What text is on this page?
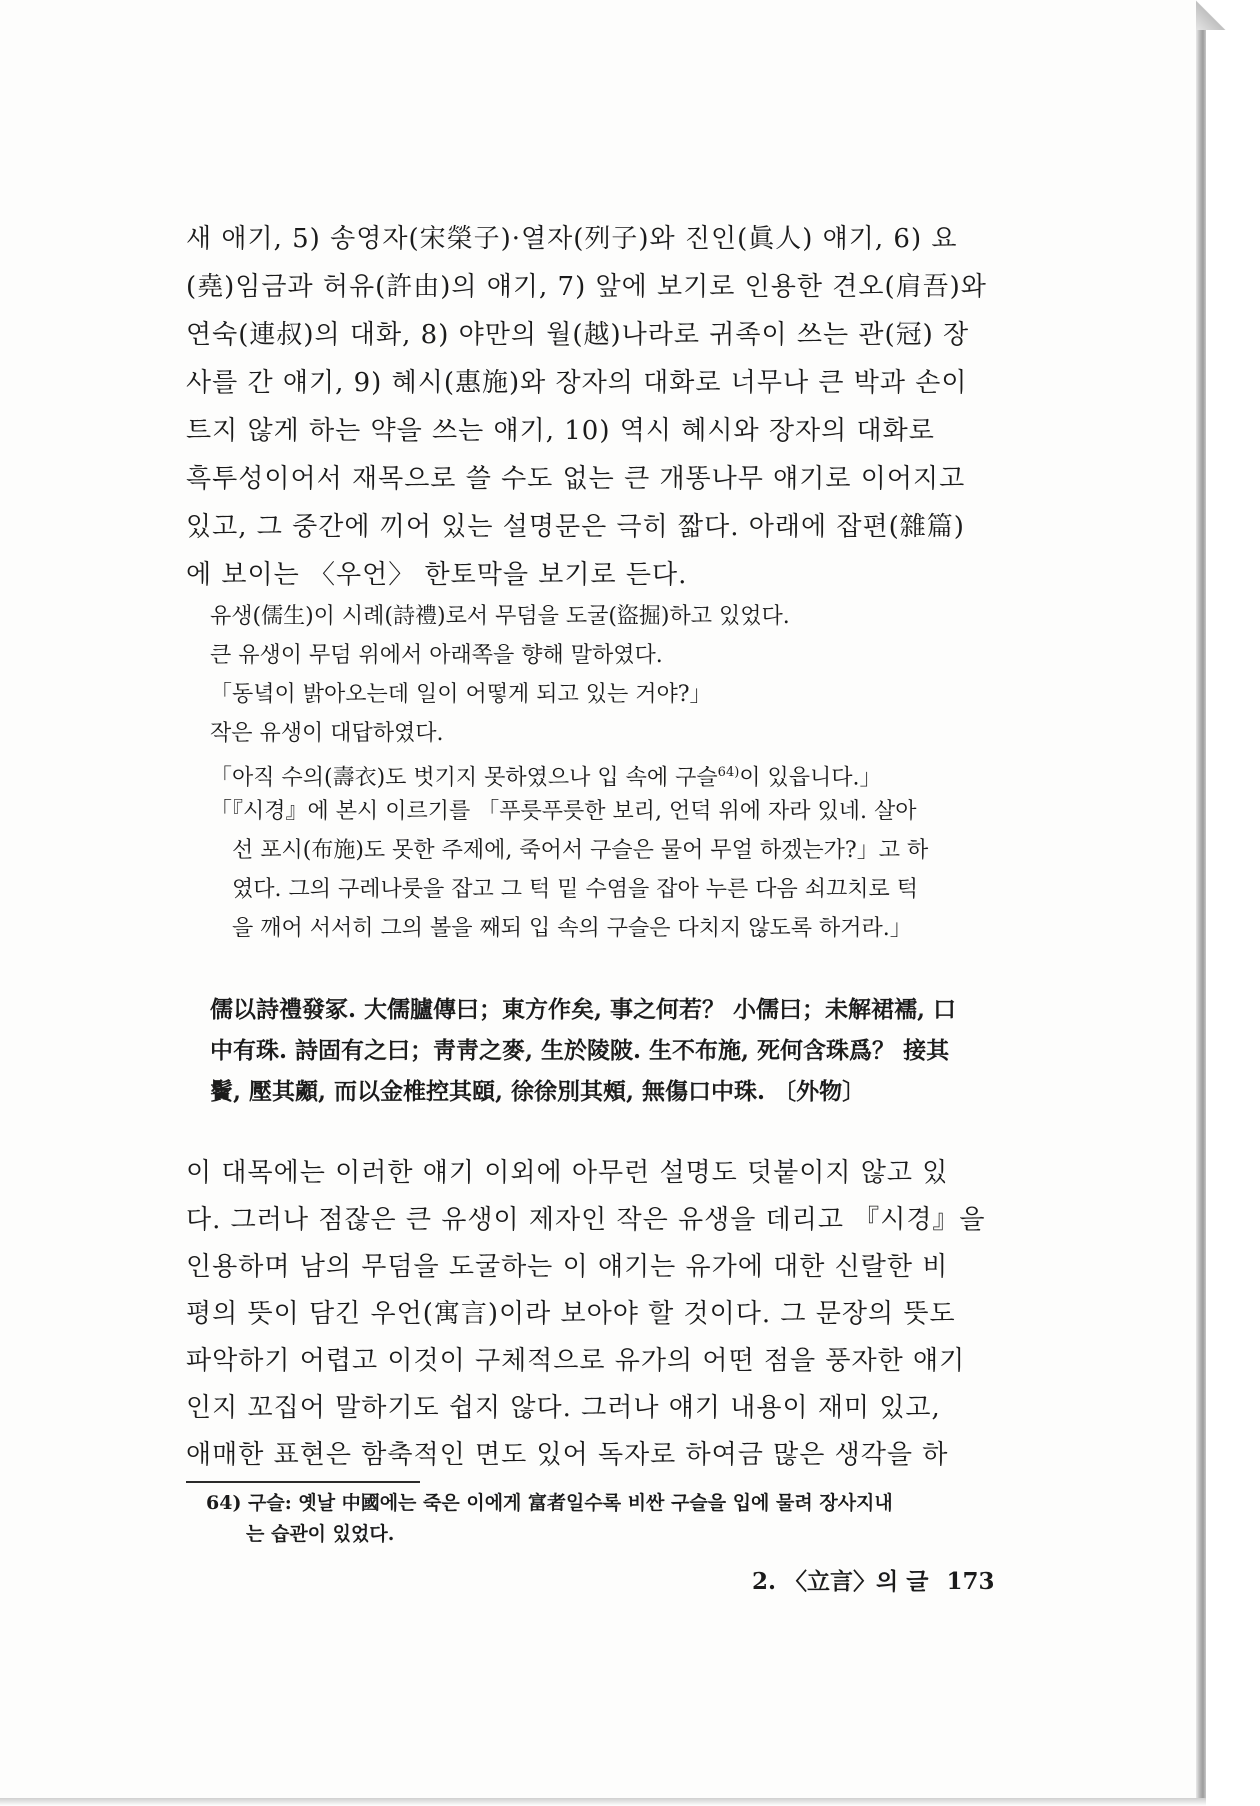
새 애기, 5) 송영자(宋榮子)·열자(列子)와 진인(眞人) 얘기, 6) 요
(堯)임금과 허유(許由)의 얘기, 7) 앞에 보기로 인용한 견오(肩吾)와
연숙(連叔)의 대화, 8) 야만의 월(越)나라로 귀족이 쓰는 관(冠) 장
사를 간 얘기, 9) 혜시(惠施)와 장자의 대화로 너무나 큰 박과 손이
트지 않게 하는 약을 쓰는 얘기, 10) 역시 혜시와 장자의 대화로
흑투성이어서 재목으로 쓸 수도 없는 큰 개똥나무 얘기로 이어지고
있고, 그 중간에 끼어 있는 설명문은 극히 짧다. 아래에 잡편(雜篇)
에 보이는 〈우언〉 한토막을 보기로 든다.
유생(儒生)이 시례(詩禮)로서 무덤을 도굴(盜掘)하고 있었다.
큰 유생이 무덤 위에서 아래쪽을 향해 말하였다.
「동녘이 밝아오는데 일이 어떻게 되고 있는 거야?」
작은 유생이 대답하였다.
「아직 수의(壽衣)도 벗기지 못하였으나 입 속에 구슬$^{64)}$이 있읍니다.」
「『시경』에 본시 이르기를 「푸릇푸릇한 보리, 언덕 위에 자라 있네. 살아
선 포시(布施)도 못한 주제에, 죽어서 구슬은 물어 무얼 하겠는가?」고 하
였다. 그의 구레나룻을 잡고 그 턱 밑 수염을 잡아 누른 다음 쇠끄치로 턱
을 깨어 서서히 그의 볼을 째되 입 속의 구슬은 다치지 않도록 하거라.」
儒以詩禮發冢. 大儒臚傳曰；東方作矣, 事之何若？ 小儒曰；未解裙襦, 口
中有珠. 詩固有之曰；靑靑之麥, 生於陵陂. 生不布施, 死何含珠爲？ 接其
鬢, 壓其顪, 而以金椎控其頤, 徐徐別其頰, 無傷口中珠. 〔外物〕
이 대목에는 이러한 얘기 이외에 아무런 설명도 덧붙이지 않고 있
다. 그러나 점잖은 큰 유생이 제자인 작은 유생을 데리고 『시경』을
인용하며 남의 무덤을 도굴하는 이 얘기는 유가에 대한 신랄한 비
평의 뜻이 담긴 우언(寓言)이라 보아야 할 것이다. 그 문장의 뜻도
파악하기 어렵고 이것이 구체적으로 유가의 어떤 점을 풍자한 얘기
인지 꼬집어 말하기도 쉽지 않다. 그러나 얘기 내용이 재미 있고,
애매한 표현은 함축적인 면도 있어 독자로 하여금 많은 생각을 하
64) 구슬: 옛날 中國에는 죽은 이에게 富者일수록 비싼 구슬을 입에 물려 장사지내
는 습관이 있었다.
2. 〈立言〉의 글 173
